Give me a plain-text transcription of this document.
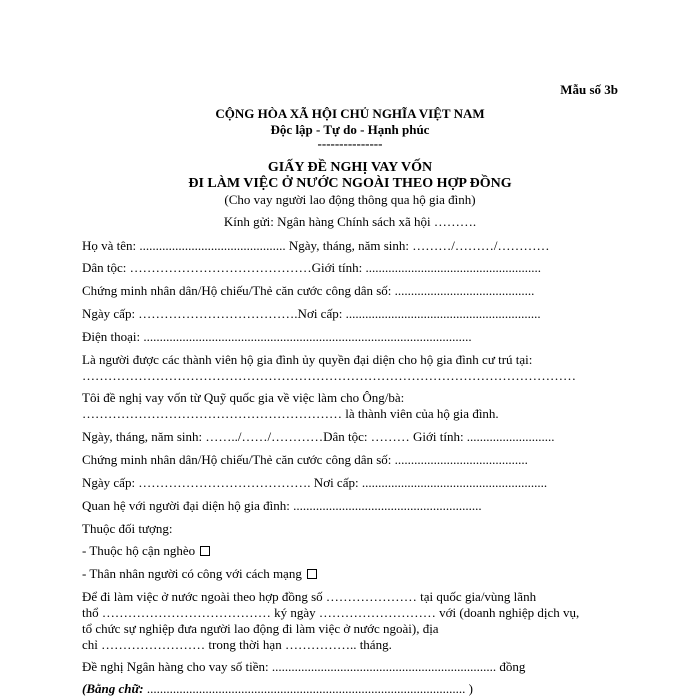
Mẫu số 3b
CỘNG HÒA XÃ HỘI CHỦ NGHĨA VIỆT NAM
Độc lập - Tự do - Hạnh phúc
---------------
GIẤY ĐỀ NGHỊ VAY VỐN
ĐI LÀM VIỆC Ở NƯỚC NGOÀI THEO HỢP ĐỒNG
(Cho vay người lao động thông qua hộ gia đình)
Kính gửi: Ngân hàng Chính sách xã hội ……….
Họ và tên: ............................................. Ngày, tháng, năm sinh: ………/………/…………
Dân tộc: ……………………………………Giới tính: ......................................................
Chứng minh nhân dân/Hộ chiếu/Thẻ căn cước công dân số: ...........................................
Ngày cấp: ……………………………….Nơi cấp: ............................................................
Điện thoại: .....................................................................................................
Là người được các thành viên hộ gia đình ủy quyền đại diện cho hộ gia đình cư trú tại:
……………………………………………………………………………………………………
Tôi đề nghị vay vốn từ Quỹ quốc gia về việc làm cho Ông/bà:
…………………………………………………… là thành viên của hộ gia đình.
Ngày, tháng, năm sinh: ……../……/…………Dân tộc: ……… Giới tính: ...........................
Chứng minh nhân dân/Hộ chiếu/Thẻ căn cước công dân số: .........................................
Ngày cấp: …………………………………. Nơi cấp: .........................................................
Quan hệ với người đại diện hộ gia đình: ..........................................................
Thuộc đối tượng:
- Thuộc hộ cận nghèo
- Thân nhân người có công với cách mạng
Để đi làm việc ở nước ngoài theo hợp đồng số ………………… tại quốc gia/vùng lãnh
thổ ………………………………… ký ngày ……………………… với (doanh nghiệp dịch vụ,
tổ chức sự nghiệp đưa người lao động đi làm việc ở nước ngoài), địa
chỉ …………………… trong thời hạn …………….. tháng.
Đề nghị Ngân hàng cho vay số tiền: ..................................................................... đồng
(Bằng chữ: .................................................................................................. )
